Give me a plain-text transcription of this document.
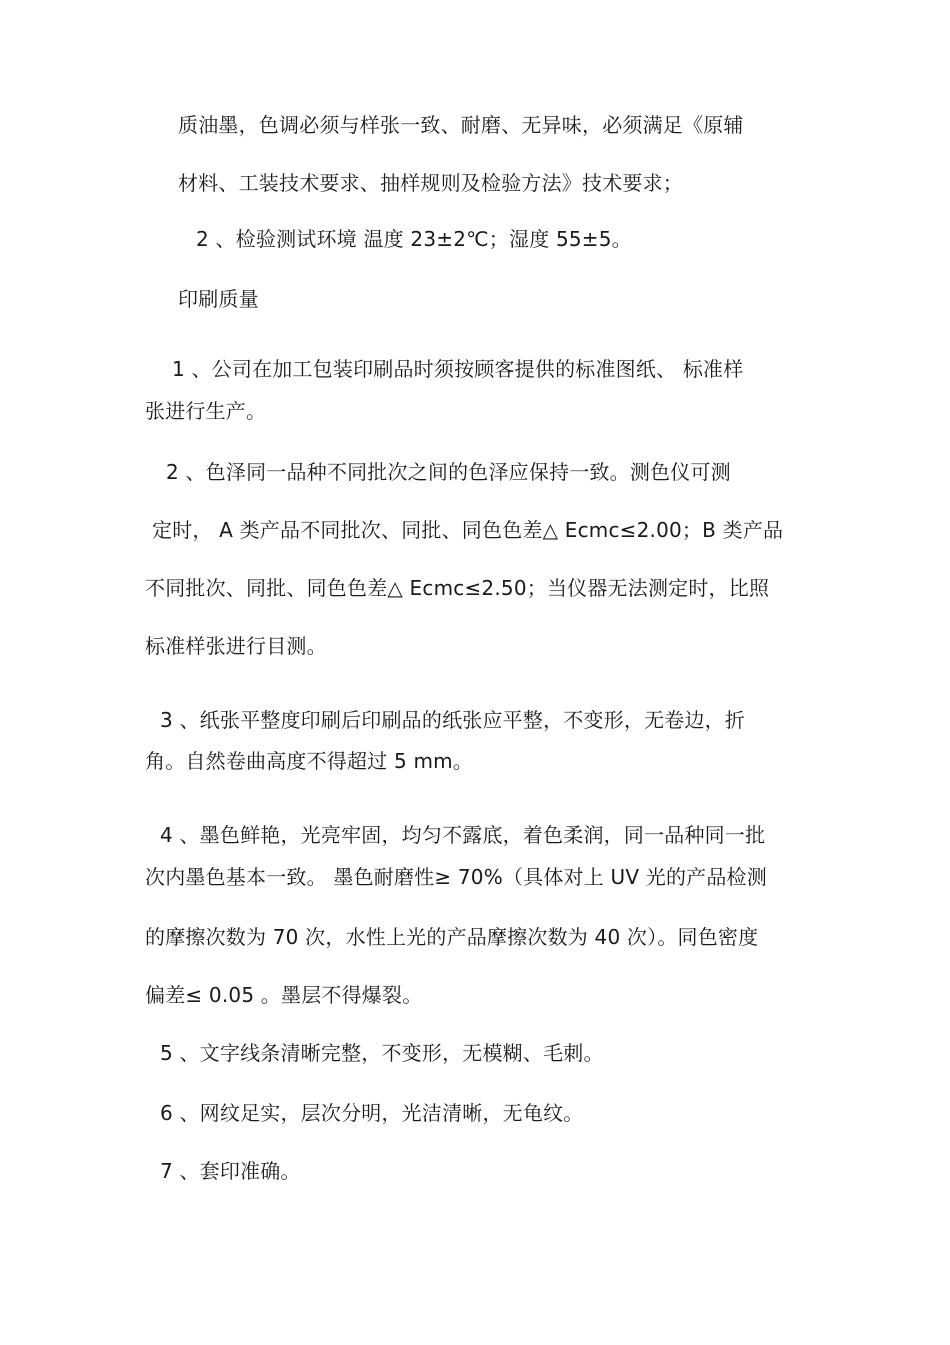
质油墨，色调必须与样张一致、耐磨、无异味，必须满足《原辅
材料、工装技术要求、抽样规则及检验方法》技术要求；
2 、检验测试环境 温度 23±2℃；湿度 55±5。
印刷质量
1 、公司在加工包装印刷品时须按顾客提供的标准图纸、 标准样
张进行生产。
2 、色泽同一品种不同批次之间的色泽应保持一致。测色仪可测
定时， A 类产品不同批次、同批、同色色差△ Ecmc≤2.00；B 类产品
不同批次、同批、同色色差△ Ecmc≤2.50；当仪器无法测定时，比照
标准样张进行目测。
3 、纸张平整度印刷后印刷品的纸张应平整，不变形，无卷边，折
角。自然卷曲高度不得超过 5 mm。
4 、墨色鲜艳，光亮牢固，均匀不露底，着色柔润，同一品种同一批
次内墨色基本一致。 墨色耐磨性≥ 70%（具体对上 UV 光的产品检测
的摩擦次数为 70 次，水性上光的产品摩擦次数为 40 次）。同色密度
偏差≤ 0.05 。墨层不得爆裂。
5 、文字线条清晰完整，不变形，无模糊、毛刺。
6 、网纹足实，层次分明，光洁清晰，无龟纹。
7 、套印准确。
